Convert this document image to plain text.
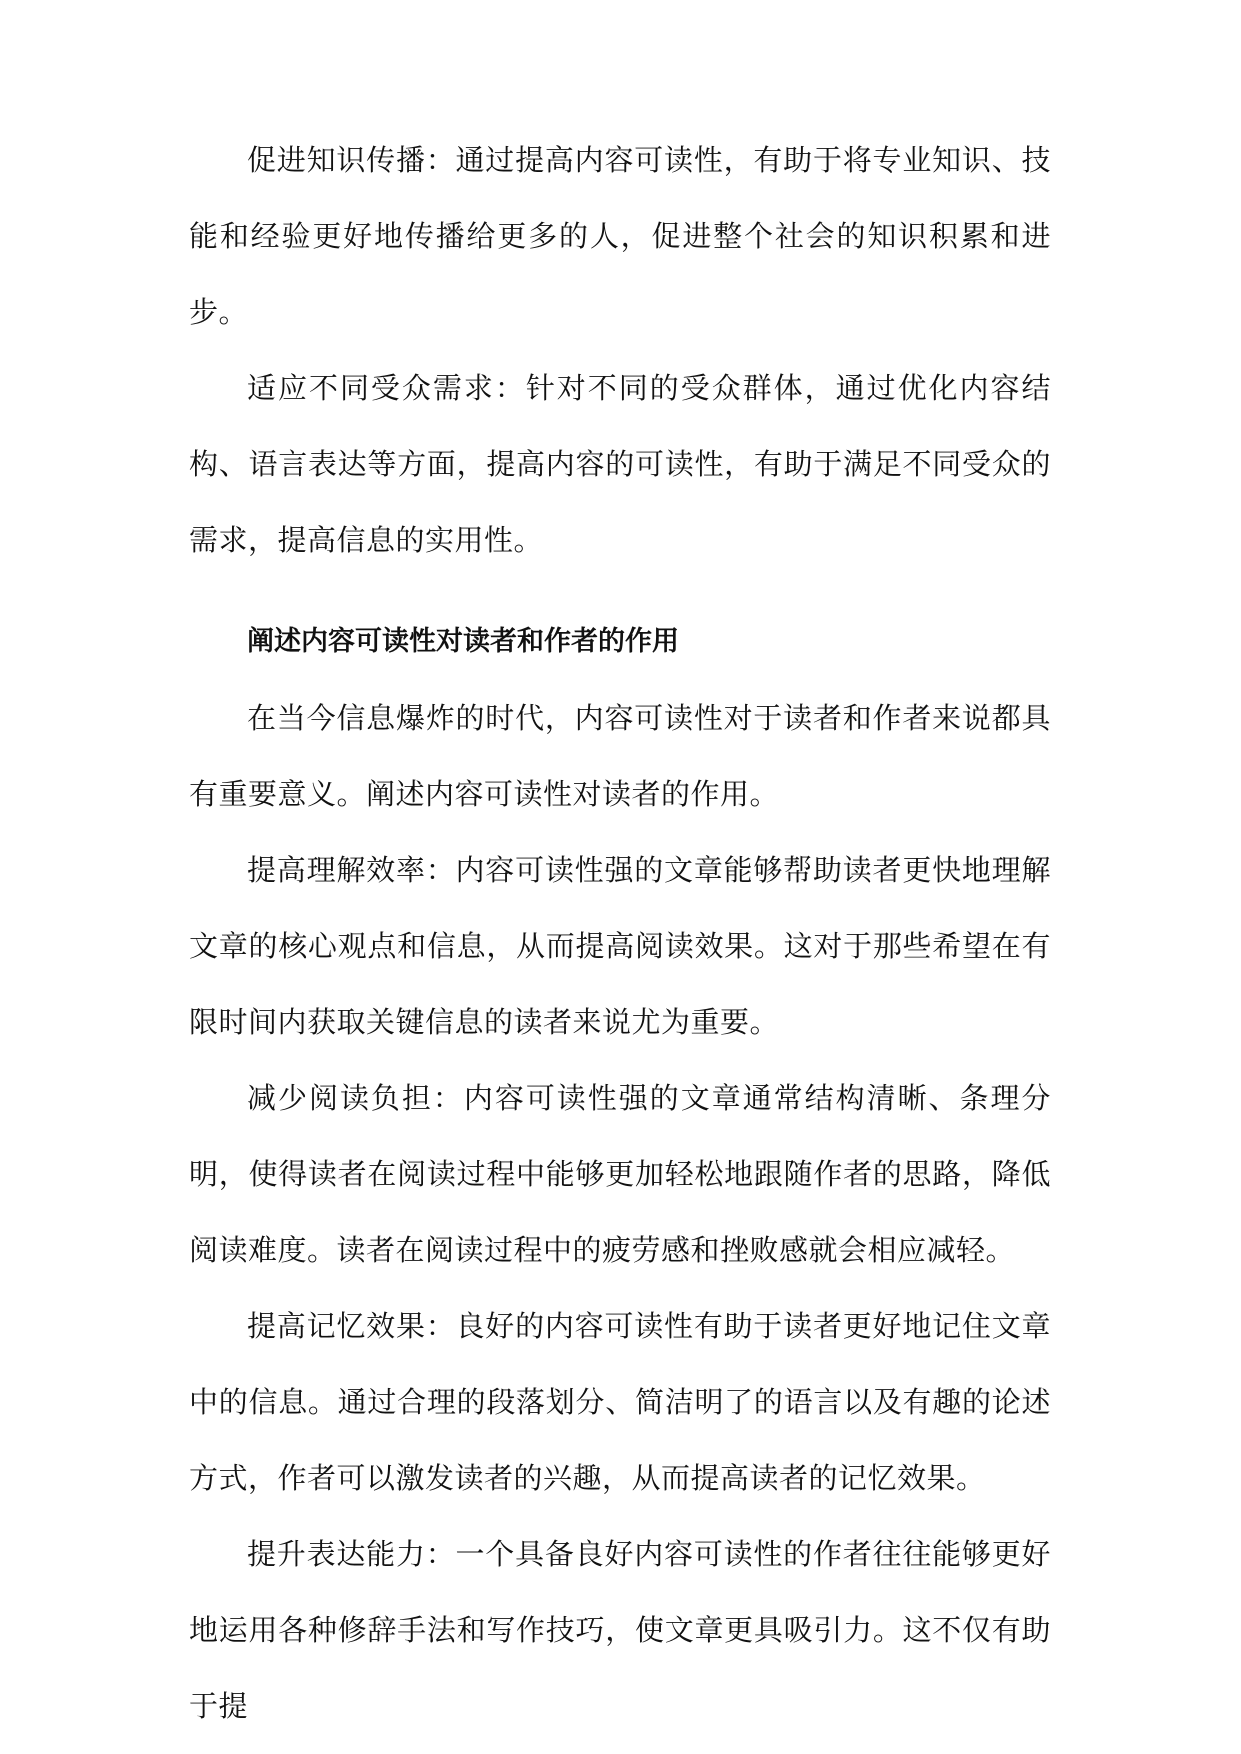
促进知识传播：通过提高内容可读性，有助于将专业知识、技能和经验更好地传播给更多的人，促进整个社会的知识积累和进步。

适应不同受众需求：针对不同的受众群体，通过优化内容结构、语言表达等方面，提高内容的可读性，有助于满足不同受众的需求，提高信息的实用性。

阐述内容可读性对读者和作者的作用

在当今信息爆炸的时代，内容可读性对于读者和作者来说都具有重要意义。阐述内容可读性对读者的作用。

提高理解效率：内容可读性强的文章能够帮助读者更快地理解文章的核心观点和信息，从而提高阅读效果。这对于那些希望在有限时间内获取关键信息的读者来说尤为重要。

减少阅读负担：内容可读性强的文章通常结构清晰、条理分明，使得读者在阅读过程中能够更加轻松地跟随作者的思路，降低阅读难度。读者在阅读过程中的疲劳感和挫败感就会相应减轻。

提高记忆效果：良好的内容可读性有助于读者更好地记住文章中的信息。通过合理的段落划分、简洁明了的语言以及有趣的论述方式，作者可以激发读者的兴趣，从而提高读者的记忆效果。

提升表达能力：一个具备良好内容可读性的作者往往能够更好地运用各种修辞手法和写作技巧，使文章更具吸引力。这不仅有助于提
